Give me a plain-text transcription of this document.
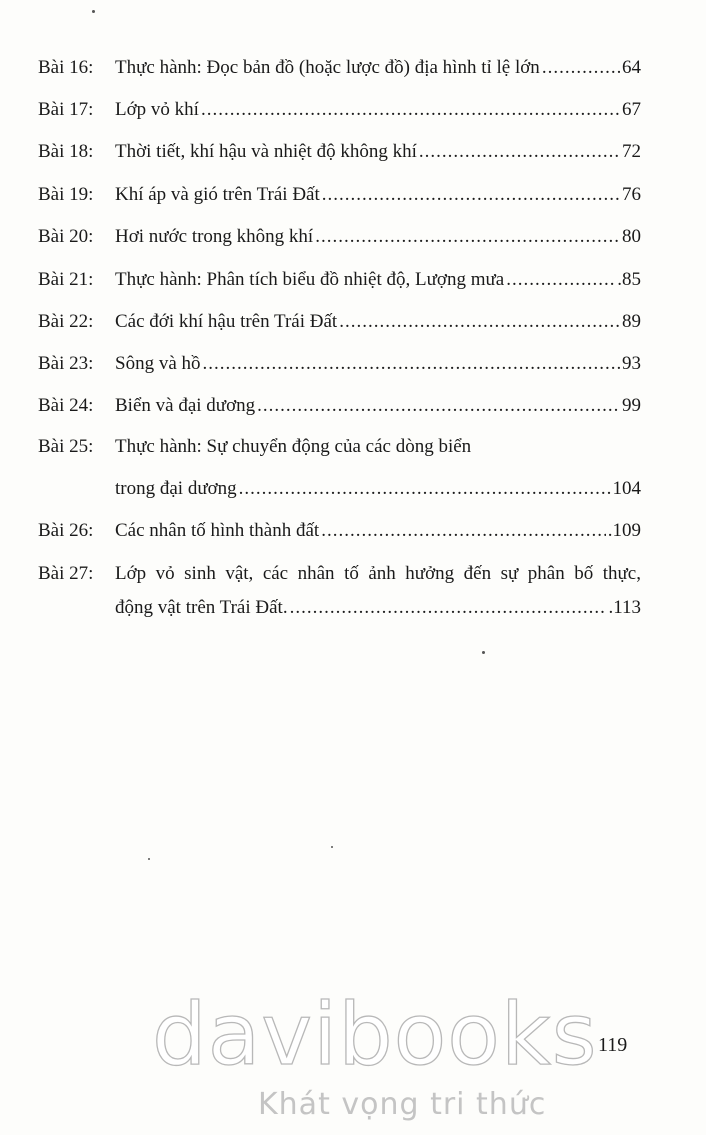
Bài 16: Thực hành: Đọc bản đồ (hoặc lược đồ) địa hình tỉ lệ lớn .....	64
Bài 17: Lớp vỏ khí .....	67
Bài 18: Thời tiết, khí hậu và nhiệt độ không khí .....	72
Bài 19: Khí áp và gió trên Trái Đất .....	76
Bài 20: Hơi nước trong không khí .....	80
Bài 21: Thực hành: Phân tích biểu đồ nhiệt độ, Lượng mưa .....	.85
Bài 22: Các đới khí hậu trên Trái Đất .....	89
Bài 23: Sông và hồ .....	93
Bài 24: Biển và đại dương .....	99
Bài 25: Thực hành: Sự chuyển động của các dòng biển
trong đại dương .....	104
Bài 26: Các nhân tố hình thành đất .....	.109
Bài 27: Lớp vỏ sinh vật, các nhân tố ảnh hưởng đến sự phân bố thực,
động vật trên Trái Đất. .....	.113
davibooks
Khát vọng tri thức
119
